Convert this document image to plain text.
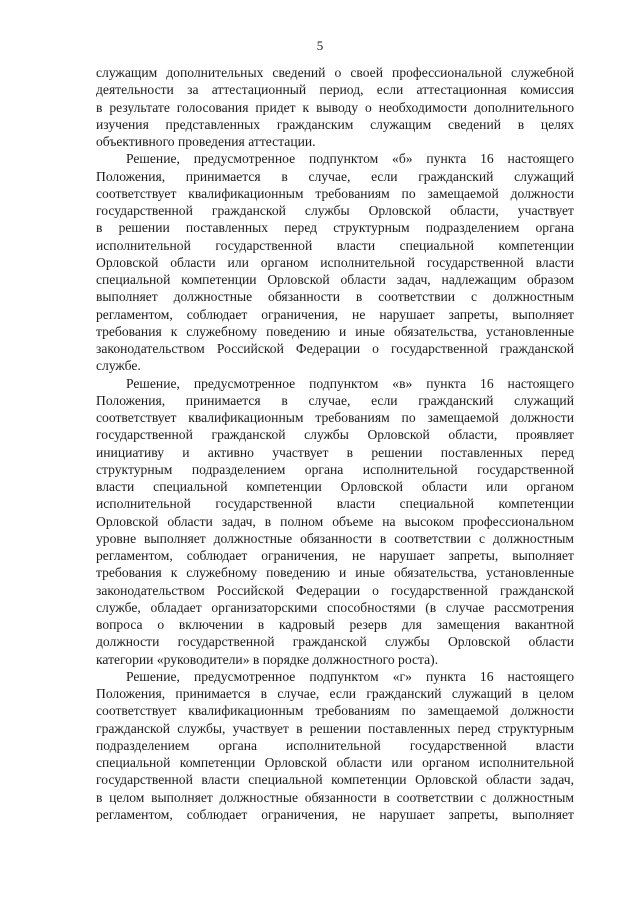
5
служащим дополнительных сведений о своей профессиональной служебной
деятельности за аттестационный период, если аттестационная комиссия
в результате голосования придет к выводу о необходимости дополнительного
изучения представленных гражданским служащим сведений в целях
объективного проведения аттестации.
Решение, предусмотренное подпунктом «б» пункта 16 настоящего
Положения, принимается в случае, если гражданский служащий
соответствует квалификационным требованиям по замещаемой должности
государственной гражданской службы Орловской области, участвует
в решении поставленных перед структурным подразделением органа
исполнительной государственной власти специальной компетенции
Орловской области или органом исполнительной государственной власти
специальной компетенции Орловской области задач, надлежащим образом
выполняет должностные обязанности в соответствии с должностным
регламентом, соблюдает ограничения, не нарушает запреты, выполняет
требования к служебному поведению и иные обязательства, установленные
законодательством Российской Федерации о государственной гражданской
службе.
Решение, предусмотренное подпунктом «в» пункта 16 настоящего
Положения, принимается в случае, если гражданский служащий
соответствует квалификационным требованиям по замещаемой должности
государственной гражданской службы Орловской области, проявляет
инициативу и активно участвует в решении поставленных перед
структурным подразделением органа исполнительной государственной
власти специальной компетенции Орловской области или органом
исполнительной государственной власти специальной компетенции
Орловской области задач, в полном объеме на высоком профессиональном
уровне выполняет должностные обязанности в соответствии с должностным
регламентом, соблюдает ограничения, не нарушает запреты, выполняет
требования к служебному поведению и иные обязательства, установленные
законодательством Российской Федерации о государственной гражданской
службе, обладает организаторскими способностями (в случае рассмотрения
вопроса о включении в кадровый резерв для замещения вакантной
должности государственной гражданской службы Орловской области
категории «руководители» в порядке должностного роста).
Решение, предусмотренное подпунктом «г» пункта 16 настоящего
Положения, принимается в случае, если гражданский служащий в целом
соответствует квалификационным требованиям по замещаемой должности
гражданской службы, участвует в решении поставленных перед структурным
подразделением органа исполнительной государственной власти
специальной компетенции Орловской области или органом исполнительной
государственной власти специальной компетенции Орловской области задач,
в целом выполняет должностные обязанности в соответствии с должностным
регламентом, соблюдает ограничения, не нарушает запреты, выполняет
